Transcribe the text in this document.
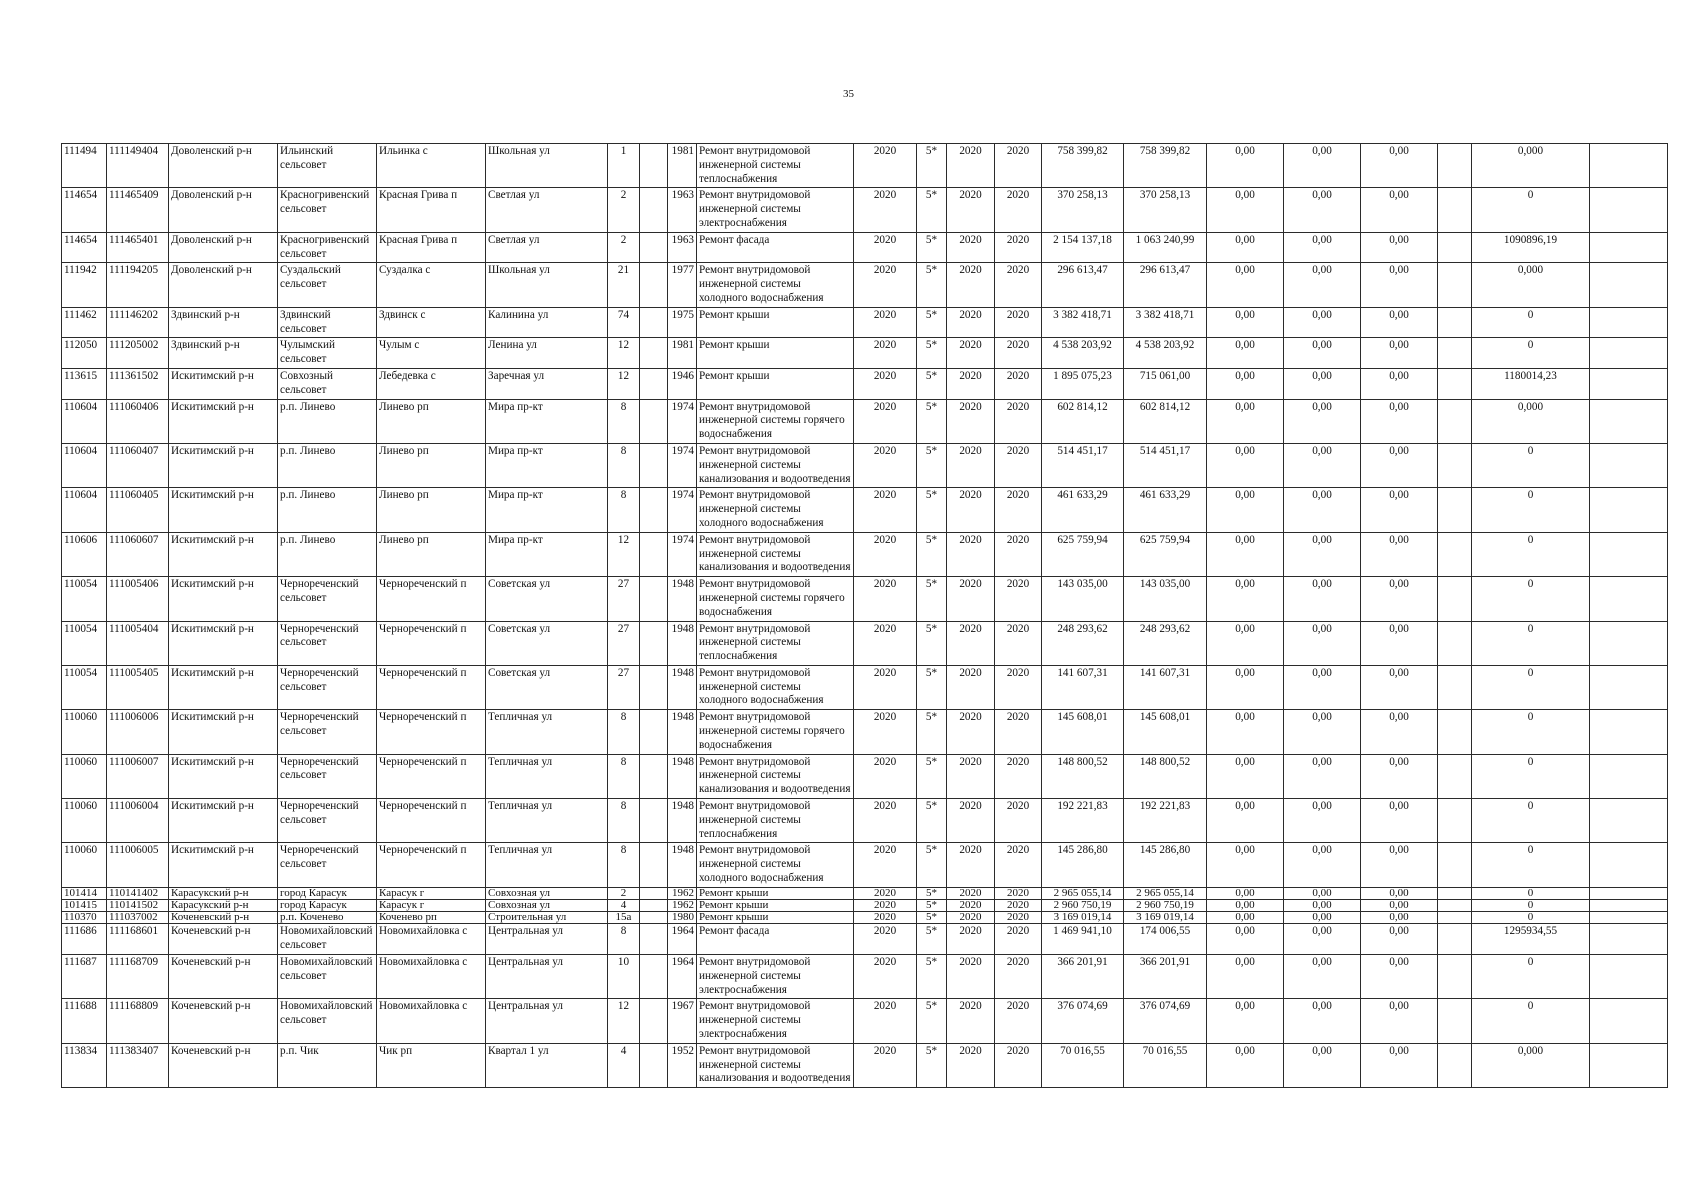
35
111494	111149404	Доволенский р-н	Ильинский сельсовет	Ильинка с	Школьная ул	1		1981	Ремонт внутридомовой инженерной системы теплоснабжения	2020	5*	2020	2020	758 399,82	758 399,82	0,00	0,00	0,00		0,000	
114654	111465409	Доволенский р-н	Красногривенский сельсовет	Красная Грива п	Светлая ул	2		1963	Ремонт внутридомовой инженерной системы электроснабжения	2020	5*	2020	2020	370 258,13	370 258,13	0,00	0,00	0,00		0	
114654	111465401	Доволенский р-н	Красногривенский сельсовет	Красная Грива п	Светлая ул	2		1963	Ремонт фасада	2020	5*	2020	2020	2 154 137,18	1 063 240,99	0,00	0,00	0,00		1090896,19	
111942	111194205	Доволенский р-н	Суздальский сельсовет	Суздалка с	Школьная ул	21		1977	Ремонт внутридомовой инженерной системы холодного водоснабжения	2020	5*	2020	2020	296 613,47	296 613,47	0,00	0,00	0,00		0,000	
111462	111146202	Здвинский р-н	Здвинский сельсовет	Здвинск с	Калинина ул	74		1975	Ремонт крыши	2020	5*	2020	2020	3 382 418,71	3 382 418,71	0,00	0,00	0,00		0	
112050	111205002	Здвинский р-н	Чулымский сельсовет	Чулым с	Ленина ул	12		1981	Ремонт крыши	2020	5*	2020	2020	4 538 203,92	4 538 203,92	0,00	0,00	0,00		0	
113615	111361502	Искитимский р-н	Совхозный сельсовет	Лебедевка с	Заречная ул	12		1946	Ремонт крыши	2020	5*	2020	2020	1 895 075,23	715 061,00	0,00	0,00	0,00		1180014,23	
110604	111060406	Искитимский р-н	р.п. Линево	Линево рп	Мира пр-кт	8		1974	Ремонт внутридомовой инженерной системы горячего водоснабжения	2020	5*	2020	2020	602 814,12	602 814,12	0,00	0,00	0,00		0,000	
110604	111060407	Искитимский р-н	р.п. Линево	Линево рп	Мира пр-кт	8		1974	Ремонт внутридомовой инженерной системы канализования и водоотведения	2020	5*	2020	2020	514 451,17	514 451,17	0,00	0,00	0,00		0	
110604	111060405	Искитимский р-н	р.п. Линево	Линево рп	Мира пр-кт	8		1974	Ремонт внутридомовой инженерной системы холодного водоснабжения	2020	5*	2020	2020	461 633,29	461 633,29	0,00	0,00	0,00		0	
110606	111060607	Искитимский р-н	р.п. Линево	Линево рп	Мира пр-кт	12		1974	Ремонт внутридомовой инженерной системы канализования и водоотведения	2020	5*	2020	2020	625 759,94	625 759,94	0,00	0,00	0,00		0	
110054	111005406	Искитимский р-н	Чернореченский сельсовет	Чернореченский п	Советская ул	27		1948	Ремонт внутридомовой инженерной системы горячего водоснабжения	2020	5*	2020	2020	143 035,00	143 035,00	0,00	0,00	0,00		0	
110054	111005404	Искитимский р-н	Чернореченский сельсовет	Чернореченский п	Советская ул	27		1948	Ремонт внутридомовой инженерной системы теплоснабжения	2020	5*	2020	2020	248 293,62	248 293,62	0,00	0,00	0,00		0	
110054	111005405	Искитимский р-н	Чернореченский сельсовет	Чернореченский п	Советская ул	27		1948	Ремонт внутридомовой инженерной системы холодного водоснабжения	2020	5*	2020	2020	141 607,31	141 607,31	0,00	0,00	0,00		0	
110060	111006006	Искитимский р-н	Чернореченский сельсовет	Чернореченский п	Тепличная ул	8		1948	Ремонт внутридомовой инженерной системы горячего водоснабжения	2020	5*	2020	2020	145 608,01	145 608,01	0,00	0,00	0,00		0	
110060	111006007	Искитимский р-н	Чернореченский сельсовет	Чернореченский п	Тепличная ул	8		1948	Ремонт внутридомовой инженерной системы канализования и водоотведения	2020	5*	2020	2020	148 800,52	148 800,52	0,00	0,00	0,00		0	
110060	111006004	Искитимский р-н	Чернореченский сельсовет	Чернореченский п	Тепличная ул	8		1948	Ремонт внутридомовой инженерной системы теплоснабжения	2020	5*	2020	2020	192 221,83	192 221,83	0,00	0,00	0,00		0	
110060	111006005	Искитимский р-н	Чернореченский сельсовет	Чернореченский п	Тепличная ул	8		1948	Ремонт внутридомовой инженерной системы холодного водоснабжения	2020	5*	2020	2020	145 286,80	145 286,80	0,00	0,00	0,00		0	
101414	110141402	Карасукский р-н	город Карасук	Карасук г	Совхозная ул	2		1962	Ремонт крыши	2020	5*	2020	2020	2 965 055,14	2 965 055,14	0,00	0,00	0,00		0	
101415	110141502	Карасукский р-н	город Карасук	Карасук г	Совхозная ул	4		1962	Ремонт крыши	2020	5*	2020	2020	2 960 750,19	2 960 750,19	0,00	0,00	0,00		0	
110370	111037002	Коченевский р-н	р.п. Коченево	Коченево рп	Строительная ул	15а		1980	Ремонт крыши	2020	5*	2020	2020	3 169 019,14	3 169 019,14	0,00	0,00	0,00		0	
111686	111168601	Коченевский р-н	Новомихайловский сельсовет	Новомихайловка с	Центральная ул	8		1964	Ремонт фасада	2020	5*	2020	2020	1 469 941,10	174 006,55	0,00	0,00	0,00		1295934,55	
111687	111168709	Коченевский р-н	Новомихайловский сельсовет	Новомихайловка с	Центральная ул	10		1964	Ремонт внутридомовой инженерной системы электроснабжения	2020	5*	2020	2020	366 201,91	366 201,91	0,00	0,00	0,00		0	
111688	111168809	Коченевский р-н	Новомихайловский сельсовет	Новомихайловка с	Центральная ул	12		1967	Ремонт внутридомовой инженерной системы электроснабжения	2020	5*	2020	2020	376 074,69	376 074,69	0,00	0,00	0,00		0	
113834	111383407	Коченевский р-н	р.п. Чик	Чик рп	Квартал 1 ул	4		1952	Ремонт внутридомовой инженерной системы канализования и водоотведения	2020	5*	2020	2020	70 016,55	70 016,55	0,00	0,00	0,00		0,000	
